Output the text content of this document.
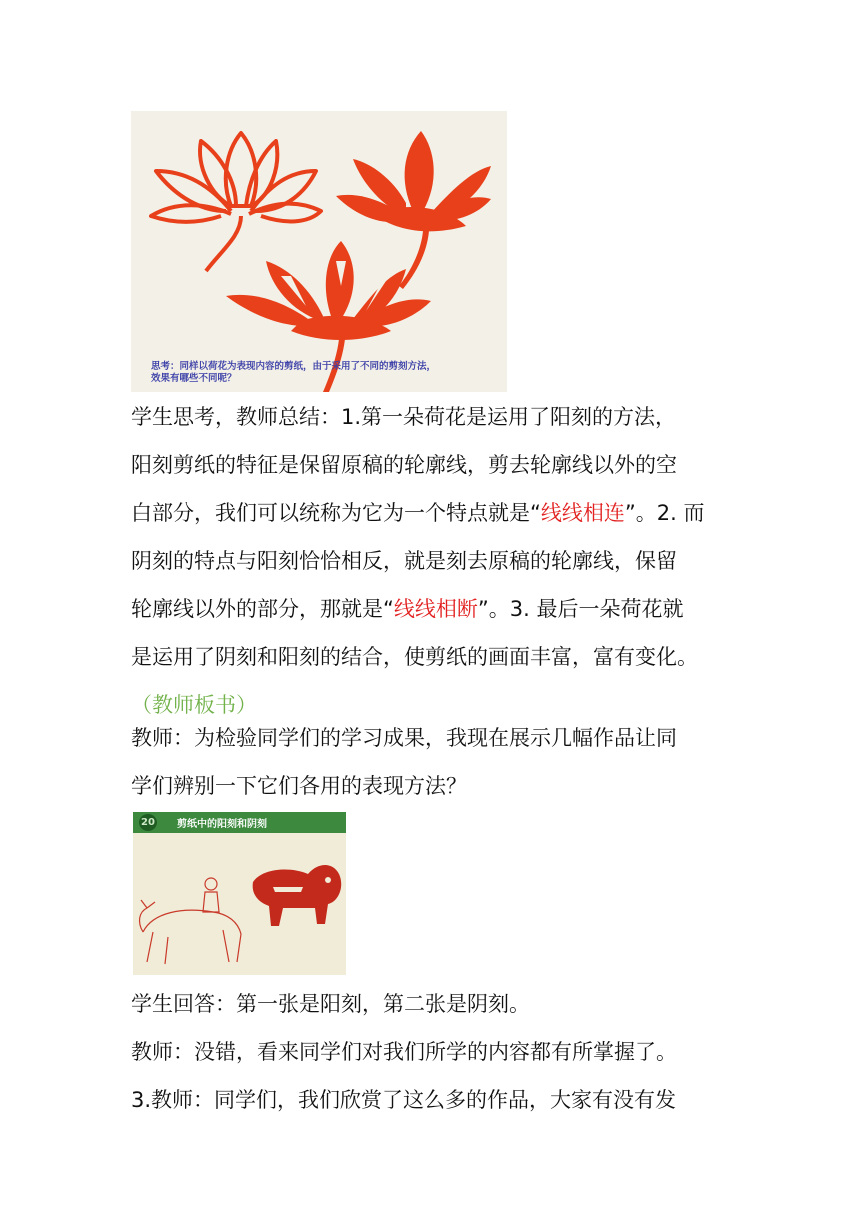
思考：同样以荷花为表现内容的剪纸，由于采用了不同的剪刻方法，
效果有哪些不同呢？
学生思考，教师总结：1.第一朵荷花是运用了阳刻的方法，
阳刻剪纸的特征是保留原稿的轮廓线，剪去轮廓线以外的空
白部分，我们可以统称为它为一个特点就是“线线相连”。2. 而
阴刻的特点与阳刻恰恰相反，就是刻去原稿的轮廓线，保留
轮廓线以外的部分，那就是“线线相断”。3. 最后一朵荷花就
是运用了阴刻和阳刻的结合，使剪纸的画面丰富，富有变化。
（教师板书）
教师：为检验同学们的学习成果，我现在展示几幅作品让同
学们辨别一下它们各用的表现方法？
20 剪纸中的阳刻和阴刻
学生回答：第一张是阳刻，第二张是阴刻。
教师：没错，看来同学们对我们所学的内容都有所掌握了。
3.教师：同学们，我们欣赏了这么多的作品，大家有没有发
